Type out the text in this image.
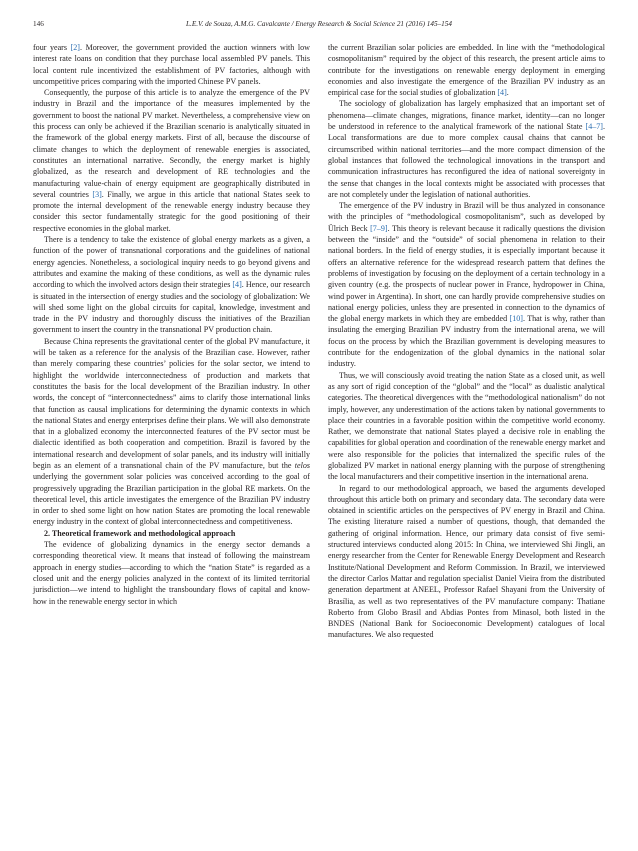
146	L.E.V. de Souza, A.M.G. Cavalcante / Energy Research & Social Science 21 (2016) 145–154

four years [2]. Moreover, the government provided the auction winners with low interest rate loans on condition that they purchase local assembled PV panels. This local content rule incentivized the establishment of PV factories, although with uncompetitive prices comparing with the imported Chinese PV panels.

Consequently, the purpose of this article is to analyze the emergence of the PV industry in Brazil and the importance of the measures implemented by the government to boost the national PV market. Nevertheless, a comprehensive view on this process can only be achieved if the Brazilian scenario is analytically situated in the framework of the global energy markets. First of all, because the discourse of climate changes to which the deployment of renewable energies is associated, constitutes an international narrative. Secondly, the energy market is highly globalized, as the research and development of RE technologies and the manufacturing value-chain of energy equipment are geographically distributed in several countries [3]. Finally, we argue in this article that national States seek to promote the internal development of the renewable energy industry because they consider this sector fundamentally strategic for the good positioning of their respective economies in the global market.

There is a tendency to take the existence of global energy markets as a given, a function of the power of transnational corporations and the guidelines of national energy agencies. Nonetheless, a sociological inquiry needs to go beyond givens and attributes and examine the making of these conditions, as well as the dynamic rules according to which the involved actors design their strategies [4]. Hence, our research is situated in the intersection of energy studies and the sociology of globalization: We will shed some light on the global circuits for capital, knowledge, investment and trade in the PV industry and thoroughly discuss the initiatives of the Brazilian government to insert the country in the transnational PV production chain.

Because China represents the gravitational center of the global PV manufacture, it will be taken as a reference for the analysis of the Brazilian case. However, rather than merely comparing these countries’ policies for the solar sector, we intend to highlight the worldwide interconnectedness of production and markets that constitutes the basis for the local development of the Brazilian industry. In other words, the concept of “interconnectedness” aims to clarify those international links that function as causal implications for determining the dynamic contexts in which the national States and energy enterprises define their plans. We will also demonstrate that in a globalized economy the interconnected features of the PV sector must be dialectic identified as both cooperation and competition. Brazil is favored by the international research and development of solar panels, and its industry will initially begin as an element of a transnational chain of the PV manufacture, but the telos underlying the government solar policies was conceived according to the goal of progressively upgrading the Brazilian participation in the global RE markets. On the theoretical level, this article investigates the emergence of the Brazilian PV industry in order to shed some light on how nation States are promoting the local renewable energy industry in the context of global interconnectedness and competitiveness.

2. Theoretical framework and methodological approach

The evidence of globalizing dynamics in the energy sector demands a corresponding theoretical view. It means that instead of following the mainstream approach in energy studies—according to which the “nation State” is regarded as a closed unit and the energy policies analyzed in the context of its limited territorial jurisdiction—we intend to highlight the transboundary flows of capital and know-how in the renewable energy sector in which

the current Brazilian solar policies are embedded. In line with the “methodological cosmopolitanism” required by the object of this research, the present article aims to contribute for the investigations on renewable energy deployment in emerging economies and also investigate the emergence of the Brazilian PV industry as an empirical case for the social studies of globalization [4].

The sociology of globalization has largely emphasized that an important set of phenomena—climate changes, migrations, finance market, identity—can no longer be understood in reference to the analytical framework of the national State [4–7]. Local transformations are due to more complex causal chains that cannot be circumscribed within national territories—and the more compact dimension of the global instances that followed the technological innovations in the transport and communication infrastructures has reconfigured the idea of national sovereignty in the sense that changes in the local contexts might be associated with processes that are not completely under the legislation of national authorities.

The emergence of the PV industry in Brazil will be thus analyzed in consonance with the principles of “methodological cosmopolitanism”, such as developed by Ülrich Beck [7–9]. This theory is relevant because it radically questions the division between the “inside” and the “outside” of social phenomena in relation to their national borders. In the field of energy studies, it is especially important because it offers an alternative reference for the widespread research pattern that defines the problems of investigation by focusing on the deployment of a certain technology in a given country (e.g. the prospects of nuclear power in France, hydropower in China, wind power in Argentina). In short, one can hardly provide comprehensive studies on national energy policies, unless they are presented in connection to the dynamics of the global energy markets in which they are embedded [10]. That is why, rather than insulating the emerging Brazilian PV industry from the international arena, we will focus on the process by which the Brazilian government is developing measures to contribute for the endogenization of the global dynamics in the national solar industry.

Thus, we will consciously avoid treating the nation State as a closed unit, as well as any sort of rigid conception of the “global” and the “local” as dualistic analytical categories. The theoretical divergences with the “methodological nationalism” do not imply, however, any underestimation of the actions taken by national governments to place their countries in a favorable position within the competitive world economy. Rather, we demonstrate that national States played a decisive role in enabling the capabilities for global operation and coordination of the renewable energy market and were also responsible for the policies that internalized the specific rules of the globalized PV market in national energy planning with the purpose of strengthening the local manufacturers and their competitive insertion in the international arena.

In regard to our methodological approach, we based the arguments developed throughout this article both on primary and secondary data. The secondary data were obtained in scientific articles on the perspectives of PV energy in Brazil and China. The existing literature raised a number of questions, though, that demanded the gathering of original information. Hence, our primary data consist of five semi-structured interviews conducted along 2015: In China, we interviewed Shi Jingli, an energy researcher from the Center for Renewable Energy Development and Research Institute/National Development and Reform Commission. In Brazil, we interviewed the director Carlos Mattar and regulation specialist Daniel Vieira from the distributed generation department at ANEEL, Professor Rafael Shayani from the University of Brasília, as well as two representatives of the PV manufacture company: Thatiane Roberto from Globo Brasil and Abdias Pontes from Minasol, both listed in the BNDES (National Bank for Socioeconomic Development) catalogues of local manufactures. We also requested
